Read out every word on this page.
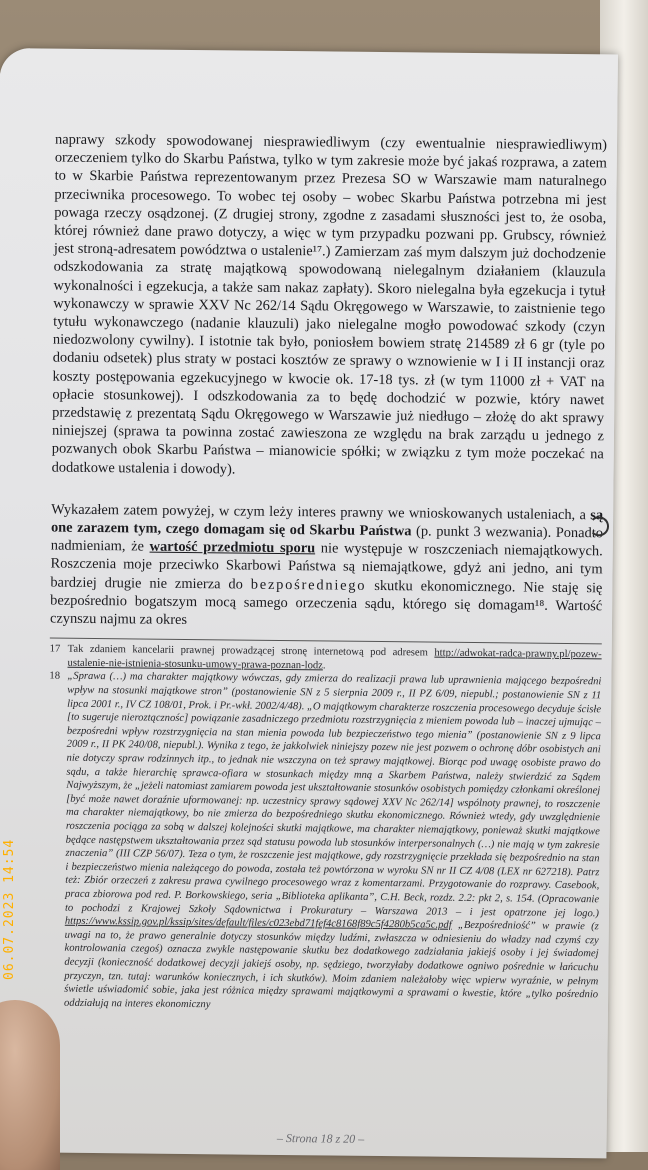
naprawy szkody spowodowanej niesprawiedliwym (czy ewentualnie niesprawiedliwym) orzeczeniem tylko do Skarbu Państwa, tylko w tym zakresie może być jakaś rozprawa, a zatem to w Skarbie Państwa reprezentowanym przez Prezesa SO w Warszawie mam naturalnego przeciwnika procesowego. To wobec tej osoby – wobec Skarbu Państwa potrzebna mi jest powaga rzeczy osądzonej. (Z drugiej strony, zgodne z zasadami słuszności jest to, że osoba, której również dane prawo dotyczy, a więc w tym przypadku pozwani pp. Grubscy, również jest stroną-adresatem powództwa o ustalenie¹⁷.) Zamierzam zaś mym dalszym już dochodzenie odszkodowania za stratę majątkową spowodowaną nielegalnym działaniem (klauzula wykonalności i egzekucja, a także sam nakaz zapłaty). Skoro nielegalna była egzekucja i tytuł wykonawczy w sprawie XXV Nc 262/14 Sądu Okręgowego w Warszawie, to zaistnienie tego tytułu wykonawczego (nadanie klauzuli) jako nielegalne mogło powodować szkody (czyn niedozwolony cywilny). I istotnie tak było, poniosłem bowiem stratę 214589 zł 6 gr (tyle po dodaniu odsetek) plus straty w postaci kosztów ze sprawy o wznowienie w I i II instancji oraz koszty postępowania egzekucyjnego w kwocie ok. 17-18 tys. zł (w tym 11000 zł + VAT na opłacie stosunkowej). I odszkodowania za to będę dochodzić w pozwie, który nawet przedstawię z prezentatą Sądu Okręgowego w Warszawie już niedługo – złożę do akt sprawy niniejszej (sprawa ta powinna zostać zawieszona ze względu na brak zarządu u jednego z pozwanych obok Skarbu Państwa – mianowicie spółki; w związku z tym może poczekać na dodatkowe ustalenia i dowody).

Wykazałem zatem powyżej, w czym leży interes prawny we wnioskowanych ustaleniach, a są one zarazem tym, czego domagam się od Skarbu Państwa (p. punkt 3 wezwania). Ponadto nadmieniam, że wartość przedmiotu sporu nie występuje w roszczeniach niemajątkowych. Roszczenia moje przeciwko Skarbowi Państwa są niemajątkowe, gdyż ani jedno, ani tym bardziej drugie nie zmierza do bezpośredniego skutku ekonomicznego. Nie staję się bezpośrednio bogatszym mocą samego orzeczenia sądu, którego się domagam¹⁸. Wartość czynszu najmu za okres

17 Tak zdaniem kancelarii prawnej prowadzącej stronę internetową pod adresem http://adwokat-radca-prawny.pl/pozew-ustalenie-nie-istnienia-stosunku-umowy-prawa-poznan-lodz.

18 „Sprawa (…) ma charakter majątkowy wówczas, gdy zmierza do realizacji prawa lub uprawnienia mającego bezpośredni wpływ na stosunki majątkowe stron” (postanowienie SN z 5 sierpnia 2009 r., II PZ 6/09, niepubl.; postanowienie SN z 11 lipca 2001 r., IV CZ 108/01, Prok. i Pr.-wkł. 2002/4/48). „O majątkowym charakterze roszczenia procesowego decyduje ścisłe [to sugeruje nieroztącznośc] powiązanie zasadniczego przedmiotu rozstrzygnięcia z mieniem powoda lub – inaczej ujmując – bezpośredni wpływ rozstrzygnięcia na stan mienia powoda lub bezpieczeństwo tego mienia” (postanowienie SN z 9 lipca 2009 r., II PK 240/08, niepubl.). Wynika z tego, że jakkolwiek niniejszy pozew nie jest pozwem o ochronę dóbr osobistych ani nie dotyczy spraw rodzinnych itp., to jednak nie wszczyna on też sprawy majątkowej. Biorąc pod uwagę osobiste prawo do sądu, a także hierarchię sprawca-ofiara w stosunkach między mną a Skarbem Państwa, należy stwierdzić za Sądem Najwyższym, że „jeżeli natomiast zamiarem powoda jest ukształtowanie stosunków osobistych pomiędzy członkami określonej [być może nawet doraźnie uformowanej: np. uczestnicy sprawy sądowej XXV Nc 262/14] wspólnoty prawnej, to roszczenie ma charakter niemajątkowy, bo nie zmierza do bezpośredniego skutku ekonomicznego. Również wtedy, gdy uwzględnienie roszczenia pociąga za sobą w dalszej kolejności skutki majątkowe, ma charakter niemajątkowy, ponieważ skutki majątkowe będące następstwem ukształtowania przez sąd statusu powoda lub stosunków interpersonalnych (…) nie mają w tym zakresie znaczenia” (III CZP 56/07). Teza o tym, że roszczenie jest majątkowe, gdy rozstrzygnięcie przekłada się bezpośrednio na stan i bezpieczeństwo mienia należącego do powoda, została też powtórzona w wyroku SN nr II CZ 4/08 (LEX nr 627218). Patrz też: Zbiór orzeczeń z zakresu prawa cywilnego procesowego wraz z komentarzami. Przygotowanie do rozprawy. Casebook, praca zbiorowa pod red. P. Borkowskiego, seria „Biblioteka aplikanta”, C.H. Beck, rozdz. 2.2: pkt 2, s. 154. (Opracowanie to pochodzi z Krajowej Szkoły Sądownictwa i Prokuratury – Warszawa 2013 – i jest opatrzone jej logo.) https://www.kssip.gov.pl/kssip/sites/default/files/c023ebd71fef4c8168f89c5f4280b5ca5c.pdf „Bezpośredniość” w prawie (z uwagi na to, że prawo generalnie dotyczy stosunków między ludźmi, zwłaszcza w odniesieniu do władzy nad czymś czy kontrolowania czegoś) oznacza zwykle następowanie skutku bez dodatkowego zadziałania jakiejś osoby i jej świadomej decyzji (konieczność dodatkowej decyzji jakiejś osoby, np. sędziego, tworzyłaby dodatkowe ogniwo pośrednie w łańcuchu przyczyn, tzn. tutaj: warunków koniecznych, i ich skutków). Moim zdaniem należałoby więc wpierw wyraźnie, w pełnym świetle uświadomić sobie, jaka jest różnica między sprawami majątkowymi a sprawami o kwestie, które „tylko pośrednio oddziałują na interes ekonomiczny

– Strona 18 z 20 –
06.07.2023 14:54
